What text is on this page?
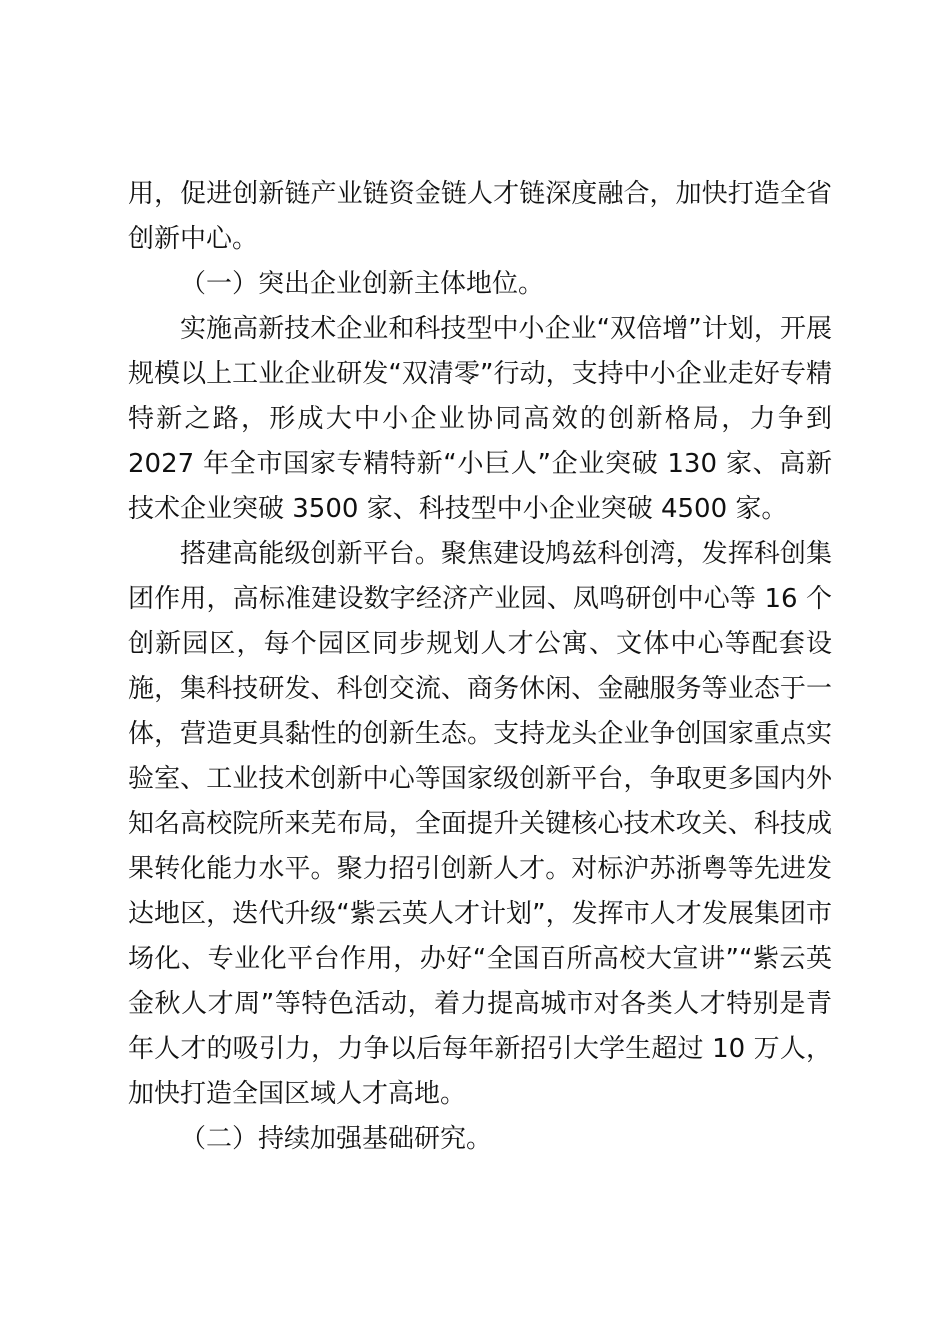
用，促进创新链产业链资金链人才链深度融合，加快打造全省创新中心。

（一）突出企业创新主体地位。

实施高新技术企业和科技型中小企业“双倍增”计划，开展规模以上工业企业研发“双清零”行动，支持中小企业走好专精特新之路，形成大中小企业协同高效的创新格局，力争到 2027 年全市国家专精特新“小巨人”企业突破 130 家、高新技术企业突破 3500 家、科技型中小企业突破 4500 家。

搭建高能级创新平台。聚焦建设鸠兹科创湾，发挥科创集团作用，高标准建设数字经济产业园、凤鸣研创中心等 16 个创新园区，每个园区同步规划人才公寓、文体中心等配套设施，集科技研发、科创交流、商务休闲、金融服务等业态于一体，营造更具黏性的创新生态。支持龙头企业争创国家重点实验室、工业技术创新中心等国家级创新平台，争取更多国内外知名高校院所来芜布局，全面提升关键核心技术攻关、科技成果转化能力水平。聚力招引创新人才。对标沪苏浙粤等先进发达地区，迭代升级“紫云英人才计划”，发挥市人才发展集团市场化、专业化平台作用，办好“全国百所高校大宣讲”“紫云英金秋人才周”等特色活动，着力提高城市对各类人才特别是青年人才的吸引力，力争以后每年新招引大学生超过 10 万人，加快打造全国区域人才高地。

（二）持续加强基础研究。
